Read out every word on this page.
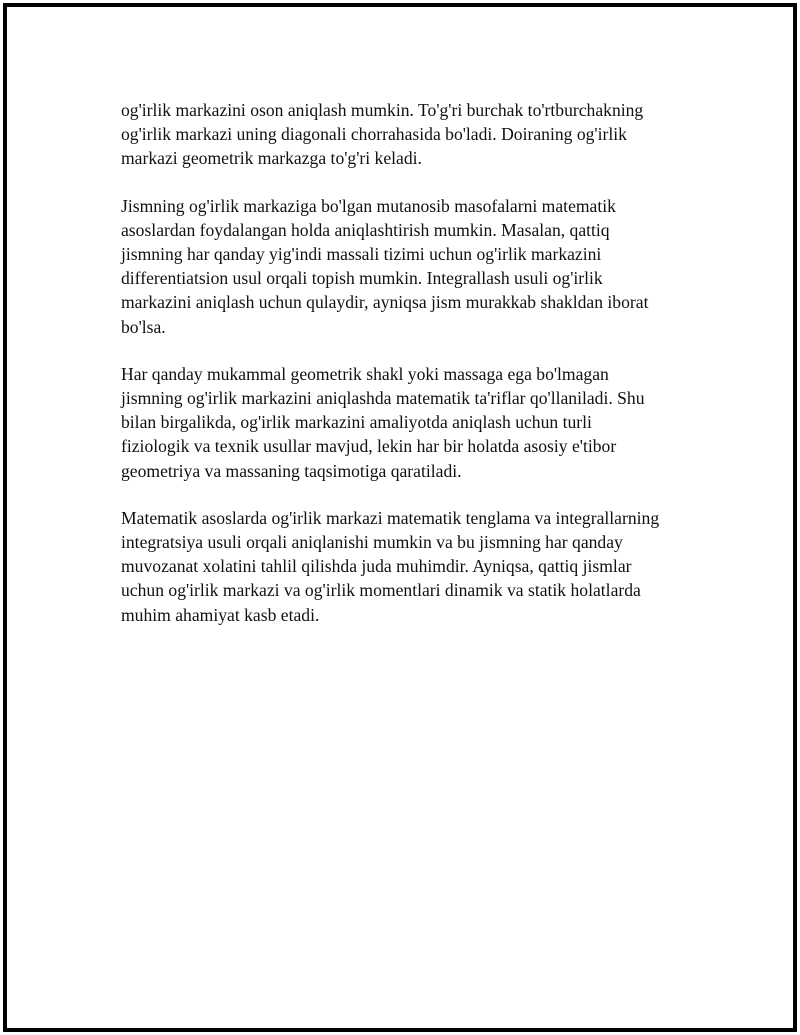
og'irlik markazini oson aniqlash mumkin. To'g'ri burchak to'rtburchakning
og'irlik markazi uning diagonali chorrahasida bo'ladi. Doiraning og'irlik
markazi geometrik markazga to'g'ri keladi.

Jismning og'irlik markaziga bo'lgan mutanosib masofalarni matematik
asoslardan foydalangan holda aniqlashtirish mumkin. Masalan, qattiq
jismning har qanday yig'indi massali tizimi uchun og'irlik markazini
differentiatsion usul orqali topish mumkin. Integrallash usuli og'irlik
markazini aniqlash uchun qulaydir, ayniqsa jism murakkab shakldan iborat
bo'lsa.

Har qanday mukammal geometrik shakl yoki massaga ega bo'lmagan
jismning og'irlik markazini aniqlashda matematik ta'riflar qo'llaniladi. Shu
bilan birgalikda, og'irlik markazini amaliyotda aniqlash uchun turli
fiziologik va texnik usullar mavjud, lekin har bir holatda asosiy e'tibor
geometriya va massaning taqsimotiga qaratiladi.

Matematik asoslarda og'irlik markazi matematik tenglama va integrallarning
integratsiya usuli orqali aniqlanishi mumkin va bu jismning har qanday
muvozanat xolatini tahlil qilishda juda muhimdir. Ayniqsa, qattiq jismlar
uchun og'irlik markazi va og'irlik momentlari dinamik va statik holatlarda
muhim ahamiyat kasb etadi.
